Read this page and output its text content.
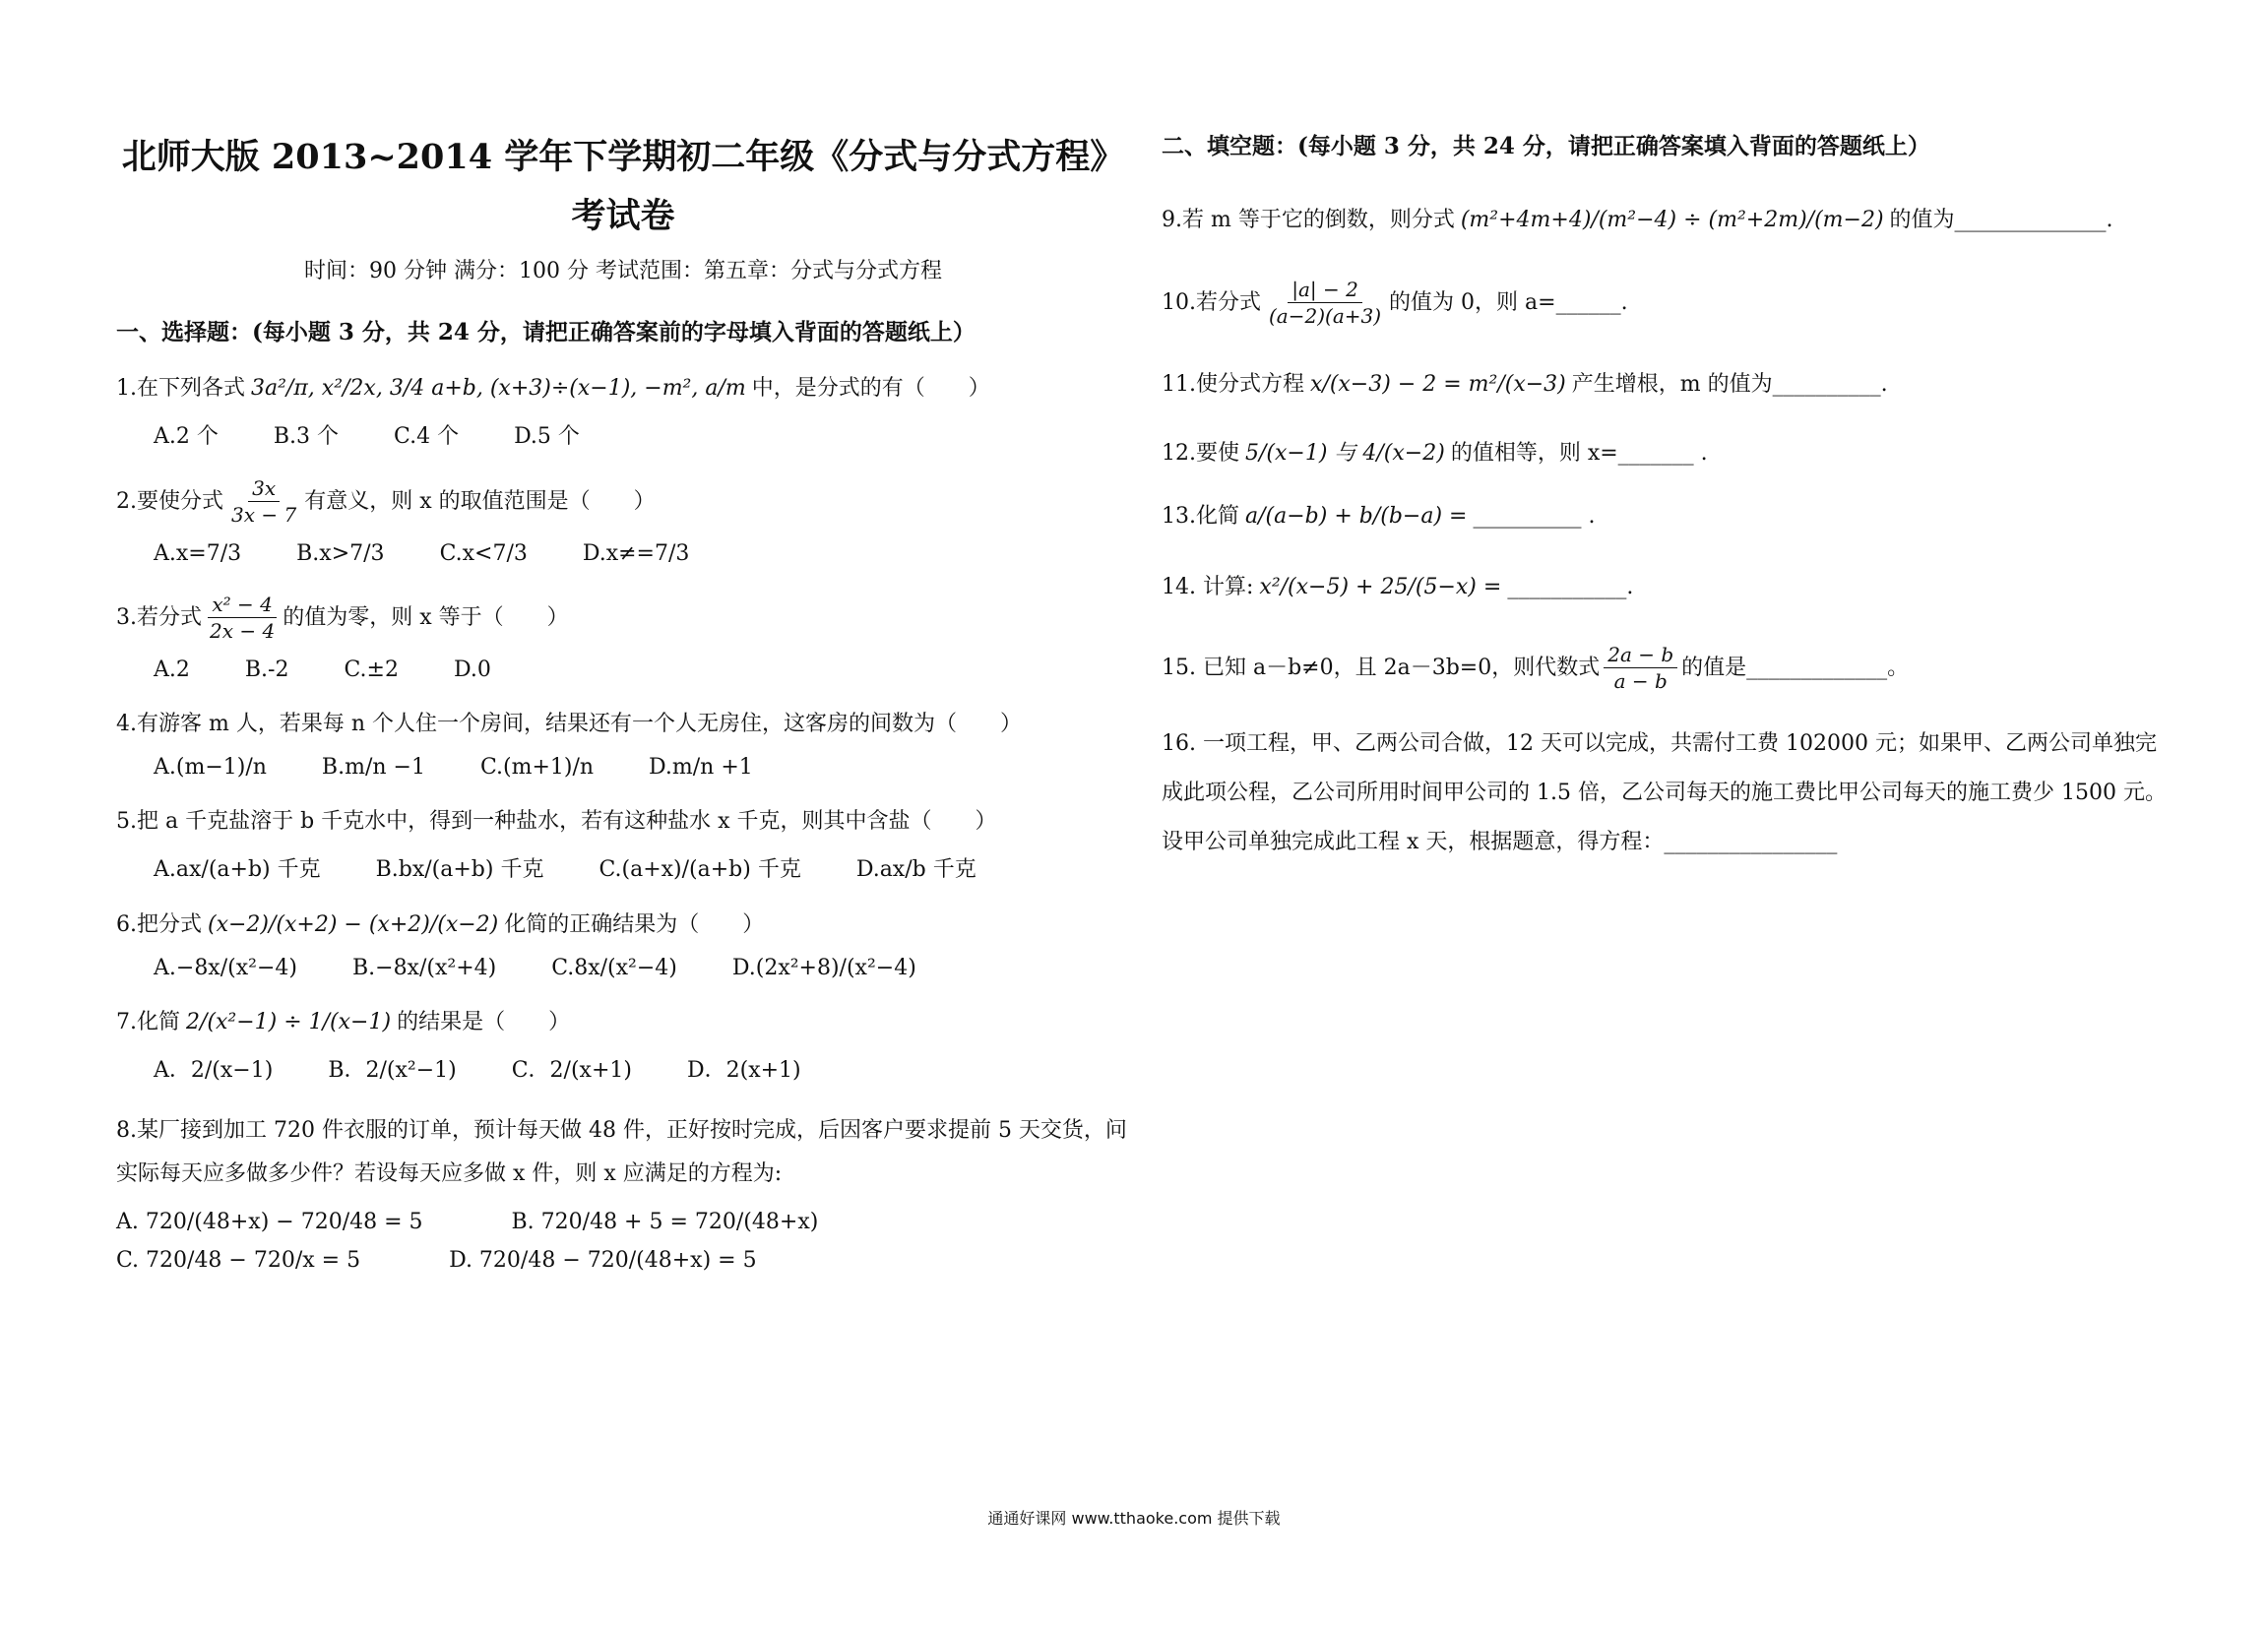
北师大版 2013~2014 学年下学期初二年级《分式与分式方程》
考试卷
时间：90 分钟 满分：100 分 考试范围：第五章：分式与分式方程
一、选择题：(每小题 3 分，共 24 分，请把正确答案前的字母填入背面的答题纸上）
1.在下列各式 3a²/π, x²/2x, 3/4 a+b, (x+3)÷(x−1), −m², a/m 中，是分式的有（　　）
A.2 个	B.3 个	C.4 个	D.5 个
2.要使分式 $\frac{3x}{3x - 7}$ 有意义，则 x 的取值范围是（　　）
A.x=7/3	B.x>7/3	C.x<7/3	D.x≠=7/3
3.若分式 $\frac{\text{x² − 4}}{2x - 4}$ 的值为零，则 x 等于（　　）
A.2	B.-2	C.±2	D.0
4.有游客 m 人，若果每 n 个人住一个房间，结果还有一个人无房住，这客房的间数为（　　）
A.(m−1)/n	B.m/n −1	C.(m+1)/n	D.m/n +1
5.把 a 千克盐溶于 b 千克水中，得到一种盐水，若有这种盐水 x 千克，则其中含盐（　　）
A.ax/(a+b) 千克	B.bx/(a+b) 千克	C.(a+x)/(a+b) 千克	D.ax/b 千克
6.把分式 (x−2)/(x+2) − (x+2)/(x−2) 化简的正确结果为（　　）
A.−8x/(x²−4)	B.−8x/(x²+4)	C.8x/(x²−4)	D.(2x²+8)/(x²−4)
7.化简 2/(x²−1) ÷ 1/(x−1) 的结果是（　　）
A．2/(x−1)	B．2/(x²−1)	C．2/(x+1)	D．2(x+1)
8.某厂接到加工 720 件衣服的订单，预计每天做 48 件，正好按时完成，后因客户要求提前 5 天交货，问实际每天应多做多少件？若设每天应多做 x 件，则 x 应满足的方程为:
A. 720/(48+x) − 720/48 = 5	B. 720/48 + 5 = 720/(48+x)
C. 720/48 − 720/x = 5	D. 720/48 − 720/(48+x) = 5
二、填空题：(每小题 3 分，共 24 分，请把正确答案填入背面的答题纸上）
9.若 m 等于它的倒数，则分式 (m²+4m+4)/(m²−4) ÷ (m²+2m)/(m−2) 的值为______________.
10.若分式 $\frac{|a| - 2}{(a-2)(a+3)}$ 的值为 0，则 a=______.
11.使分式方程 x/(x−3) − 2 = m²/(x−3) 产生增根，m 的值为__________.
12.要使 5/(x−1) 与 4/(x−2) 的值相等，则 x=_______ .
13.化简 a/(a−b) + b/(b−a) = __________ .
14. 计算: x²/(x−5) + 25/(5−x) = ___________.
15. 已知 a－b≠0，且 2a－3b=0，则代数式 $\frac{2a - b}{a - b}$ 的值是_____________。
16. 一项工程，甲、乙两公司合做，12 天可以完成，共需付工费 102000 元；如果甲、乙两公司单独完成此项公程，乙公司所用时间甲公司的 1.5 倍，乙公司每天的施工费比甲公司每天的施工费少 1500 元。设甲公司单独完成此工程 x 天，根据题意，得方程：________________
通通好课网 www.tthaoke.com 提供下载
